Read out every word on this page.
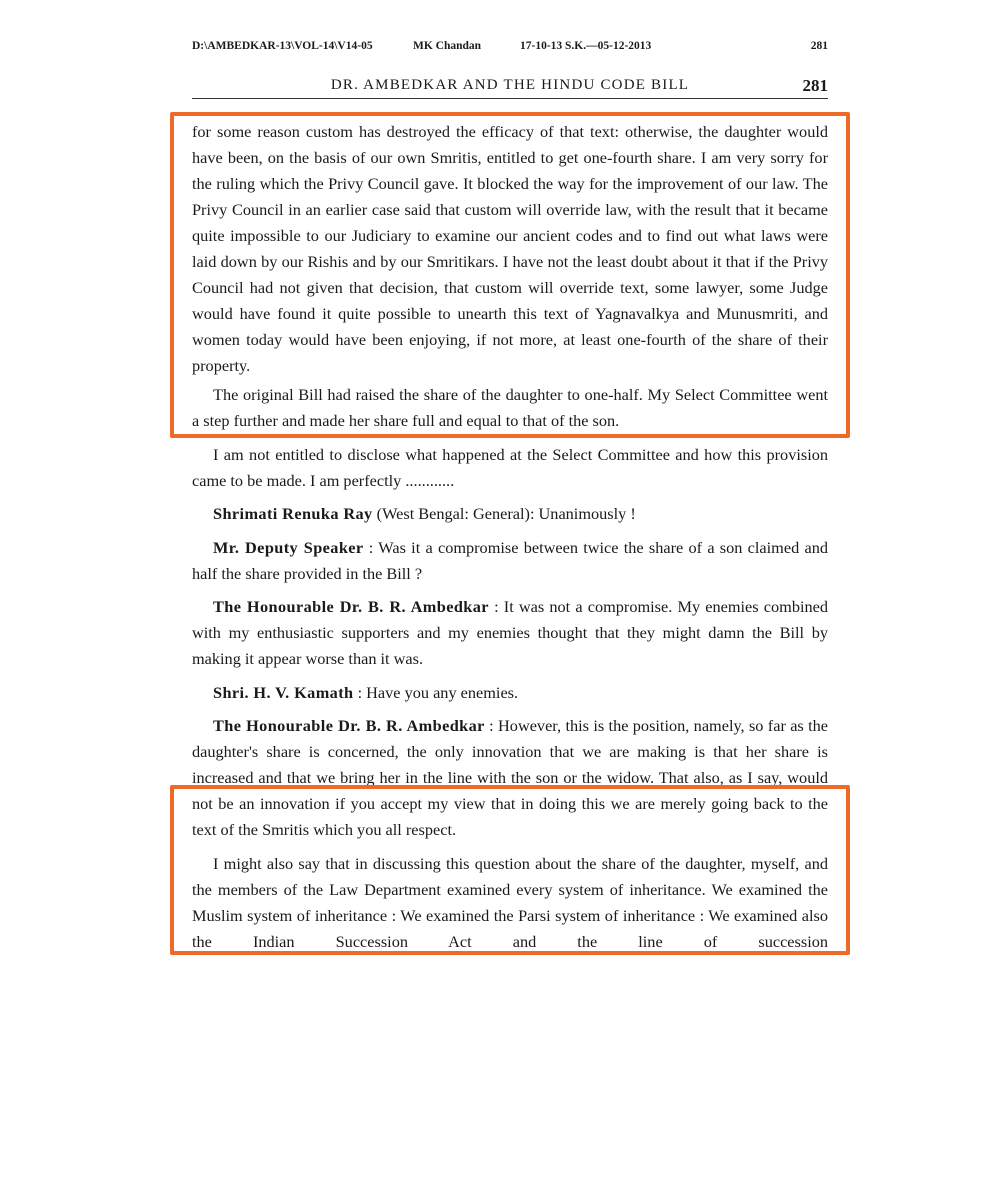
D:\AMBEDKAR-13\VOL-14\V14-05	MK Chandan	17-10-13 S.K.—05-12-2013	281
DR. AMBEDKAR AND THE HINDU CODE BILL	281

for some reason custom has destroyed the efficacy of that text: otherwise, the daughter would have been, on the basis of our own Smritis, entitled to get one-fourth share. I am very sorry for the ruling which the Privy Council gave. It blocked the way for the improvement of our law. The Privy Council in an earlier case said that custom will override law, with the result that it became quite impossible to our Judiciary to examine our ancient codes and to find out what laws were laid down by our Rishis and by our Smritikars. I have not the least doubt about it that if the Privy Council had not given that decision, that custom will override text, some lawyer, some Judge would have found it quite possible to unearth this text of Yagnavalkya and Munusmriti, and women today would have been enjoying, if not more, at least one-fourth of the share of their property.

The original Bill had raised the share of the daughter to one-half. My Select Committee went a step further and made her share full and equal to that of the son.

I am not entitled to disclose what happened at the Select Committee and how this provision came to be made. I am perfectly ............

Shrimati Renuka Ray (West Bengal: General): Unanimously !

Mr. Deputy Speaker : Was it a compromise between twice the share of a son claimed and half the share provided in the Bill ?

The Honourable Dr. B. R. Ambedkar : It was not a compromise. My enemies combined with my enthusiastic supporters and my enemies thought that they might damn the Bill by making it appear worse than it was.

Shri. H. V. Kamath : Have you any enemies.

The Honourable Dr. B. R. Ambedkar : However, this is the position, namely, so far as the daughter's share is concerned, the only innovation that we are making is that her share is increased and that we bring her in the line with the son or the widow. That also, as I say, would not be an innovation if you accept my view that in doing this we are merely going back to the text of the Smritis which you all respect.

I might also say that in discussing this question about the share of the daughter, myself, and the members of the Law Department examined every system of inheritance. We examined the Muslim system of inheritance : We examined the Parsi system of inheritance : We examined also the Indian Succession Act and the line of succession
